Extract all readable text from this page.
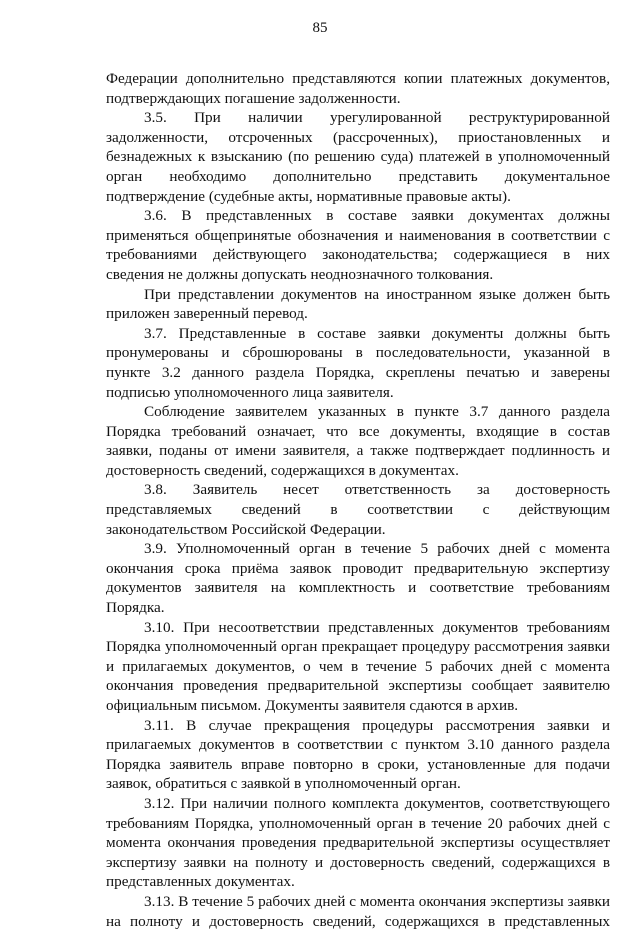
85
Федерации дополнительно представляются копии платежных документов,
подтверждающих погашение задолженности.
3.5. При наличии урегулированной реструктурированной
задолженности, отсроченных (рассроченных), приостановленных и
безнадежных к взысканию (по решению суда) платежей в уполномоченный
орган необходимо дополнительно представить документальное
подтверждение (судебные акты, нормативные правовые акты).
3.6. В представленных в составе заявки документах должны
применяться общепринятые обозначения и наименования в соответствии с
требованиями действующего законодательства; содержащиеся в них
сведения не должны допускать неоднозначного толкования.
При представлении документов на иностранном языке должен быть
приложен заверенный перевод.
3.7. Представленные в составе заявки документы должны быть
пронумерованы и сброшюрованы в последовательности, указанной в
пункте 3.2 данного раздела Порядка, скреплены печатью и заверены
подписью уполномоченного лица заявителя.
Соблюдение заявителем указанных в пункте 3.7 данного раздела
Порядка требований означает, что все документы, входящие в состав
заявки, поданы от имени заявителя, а также подтверждает подлинность и
достоверность сведений, содержащихся в документах.
3.8. Заявитель несет ответственность за достоверность
представляемых сведений в соответствии с действующим
законодательством Российской Федерации.
3.9. Уполномоченный орган в течение 5 рабочих дней с момента
окончания срока приёма заявок проводит предварительную экспертизу
документов заявителя на комплектность и соответствие требованиям
Порядка.
3.10. При несоответствии представленных документов требованиям
Порядка уполномоченный орган прекращает процедуру рассмотрения заявки
и прилагаемых документов, о чем в течение 5 рабочих дней с момента
окончания проведения предварительной экспертизы сообщает заявителю
официальным письмом. Документы заявителя сдаются в архив.
3.11. В случае прекращения процедуры рассмотрения заявки и
прилагаемых документов в соответствии с пунктом 3.10 данного раздела
Порядка заявитель вправе повторно в сроки, установленные для подачи
заявок, обратиться с заявкой в уполномоченный орган.
3.12. При наличии полного комплекта документов, соответствующего
требованиям Порядка, уполномоченный орган в течение 20 рабочих дней с
момента окончания проведения предварительной экспертизы осуществляет
экспертизу заявки на полноту и достоверность сведений, содержащихся в
представленных документах.
3.13. В течение 5 рабочих дней с момента окончания экспертизы заявки
на полноту и достоверность сведений, содержащихся в представленных
